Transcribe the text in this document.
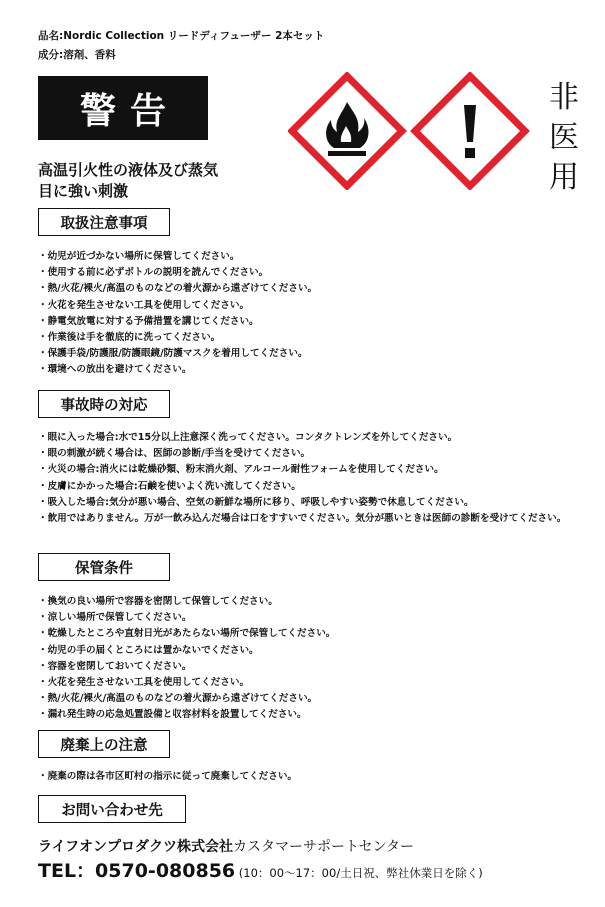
品名:Nordic Collection リードディフューザー 2本セット
成分:溶剤、香料
警告
高温引火性の液体及び蒸気
目に強い刺激
非
医
用
取扱注意事項
・幼児が近づかない場所に保管してください。
・使用する前に必ずボトルの説明を読んでください。
・熱/火花/裸火/高温のものなどの着火源から遠ざけてください。
・火花を発生させない工具を使用してください。
・静電気放電に対する予備措置を講じてください。
・作業後は手を徹底的に洗ってください。
・保護手袋/防護服/防護眼鏡/防護マスクを着用してください。
・環境への放出を避けてください。
事故時の対応
・眼に入った場合:水で15分以上注意深く洗ってください。コンタクトレンズを外してください。
・眼の刺激が続く場合は、医師の診断/手当を受けてください。
・火災の場合:消火には乾燥砂類、粉末消火剤、アルコール耐性フォームを使用してください。
・皮膚にかかった場合:石鹸を使いよく洗い流してください。
・吸入した場合:気分が悪い場合、空気の新鮮な場所に移り、呼吸しやすい姿勢で休息してください。
・飲用ではありません。万が一飲み込んだ場合は口をすすいでください。気分が悪いときは医師の診断を受けてください。
保管条件
・換気の良い場所で容器を密閉して保管してください。
・涼しい場所で保管してください。
・乾燥したところや直射日光があたらない場所で保管してください。
・幼児の手の届くところには置かないでください。
・容器を密閉しておいてください。
・火花を発生させない工具を使用してください。
・熱/火花/裸火/高温のものなどの着火源から遠ざけてください。
・漏れ発生時の応急処置設備と収容材料を設置してください。
廃棄上の注意
・廃棄の際は各市区町村の指示に従って廃棄してください。
お問い合わせ先
ライフオンプロダクツ株式会社カスタマーサポートセンター
TEL：0570-080856 (10：00〜17：00/土日祝、弊社休業日を除く)
